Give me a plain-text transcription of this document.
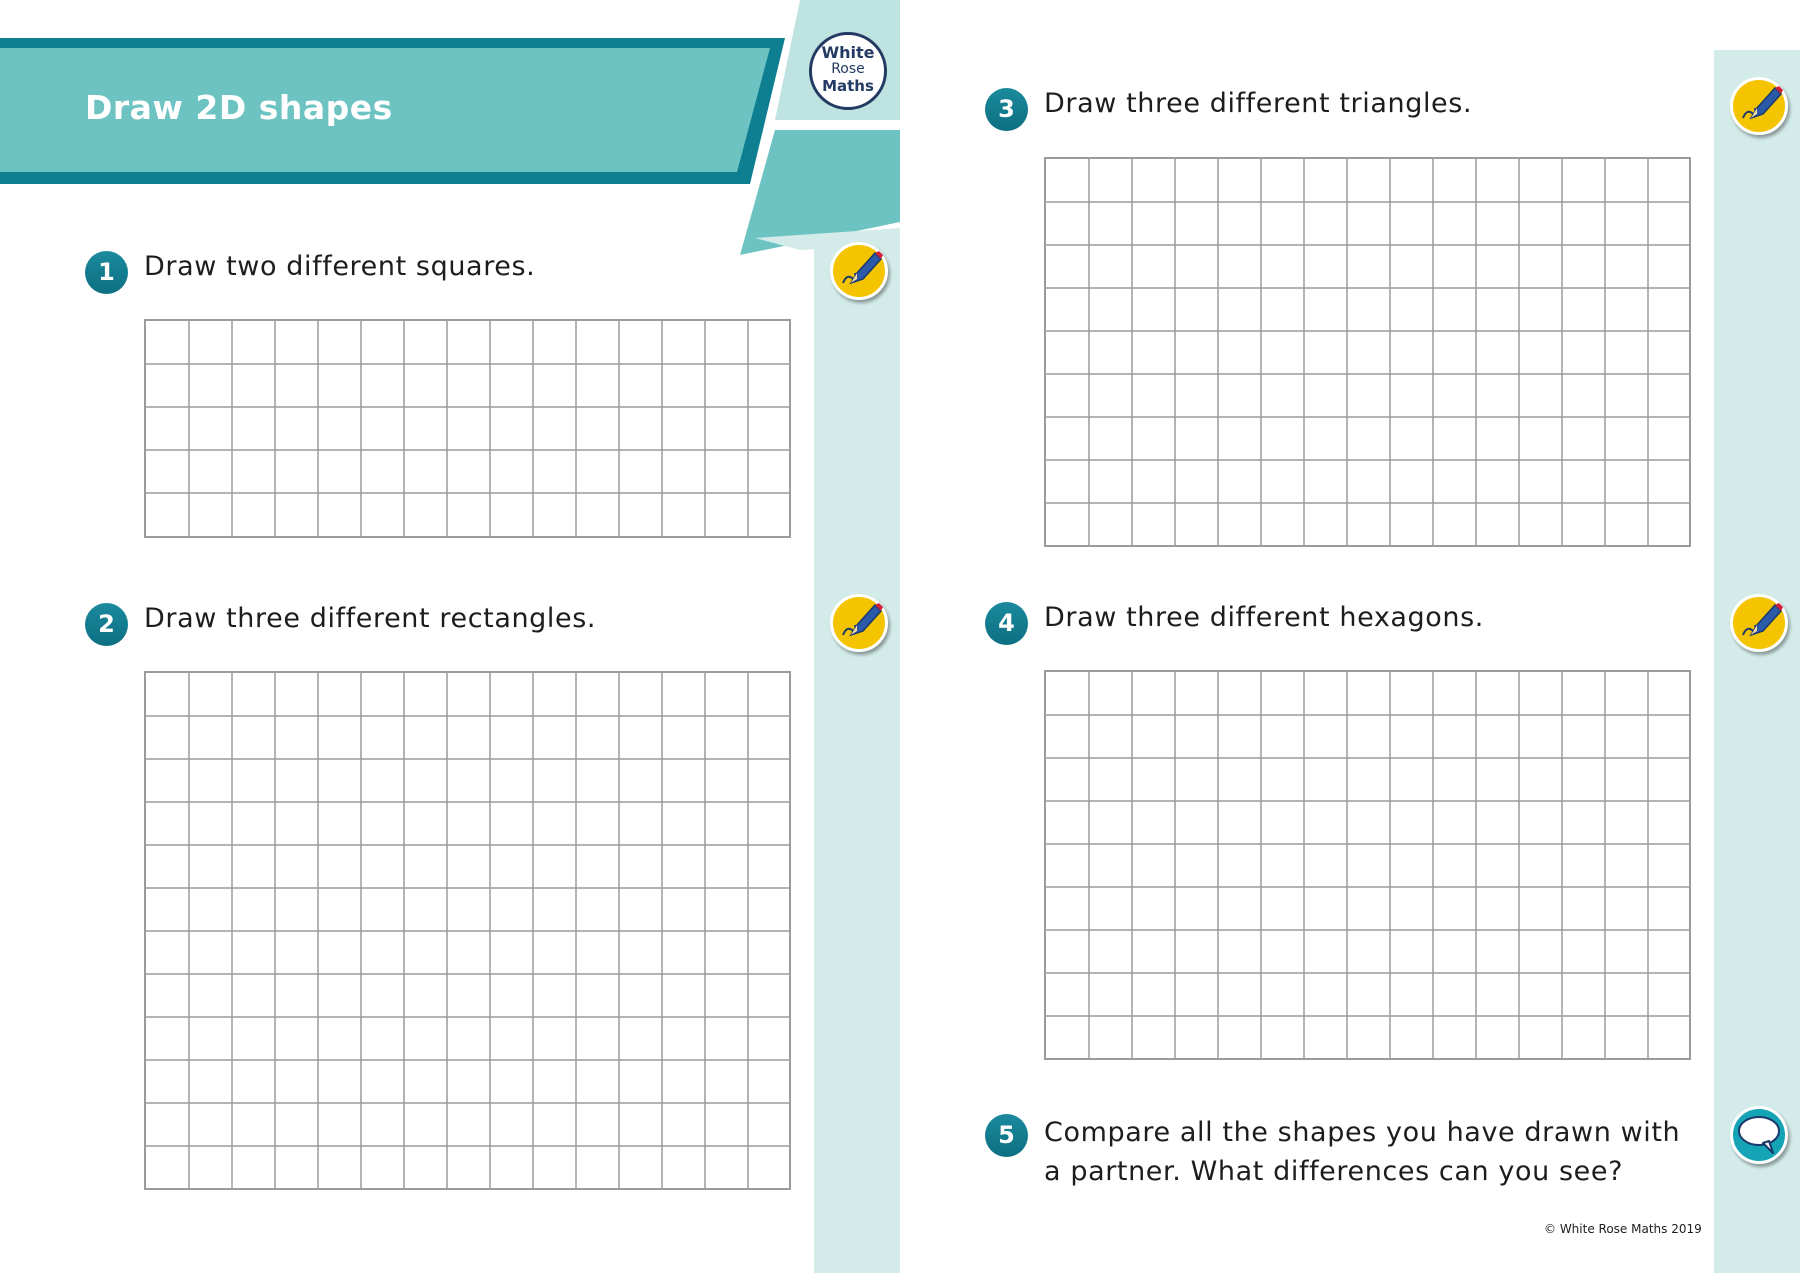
Draw 2D shapes
White
Rose
Maths
1	Draw two different squares.
2	Draw three different rectangles.
3	Draw three different triangles.
4	Draw three different hexagons.
5	Compare all the shapes you have drawn with
a partner. What differences can you see?
© White Rose Maths 2019
